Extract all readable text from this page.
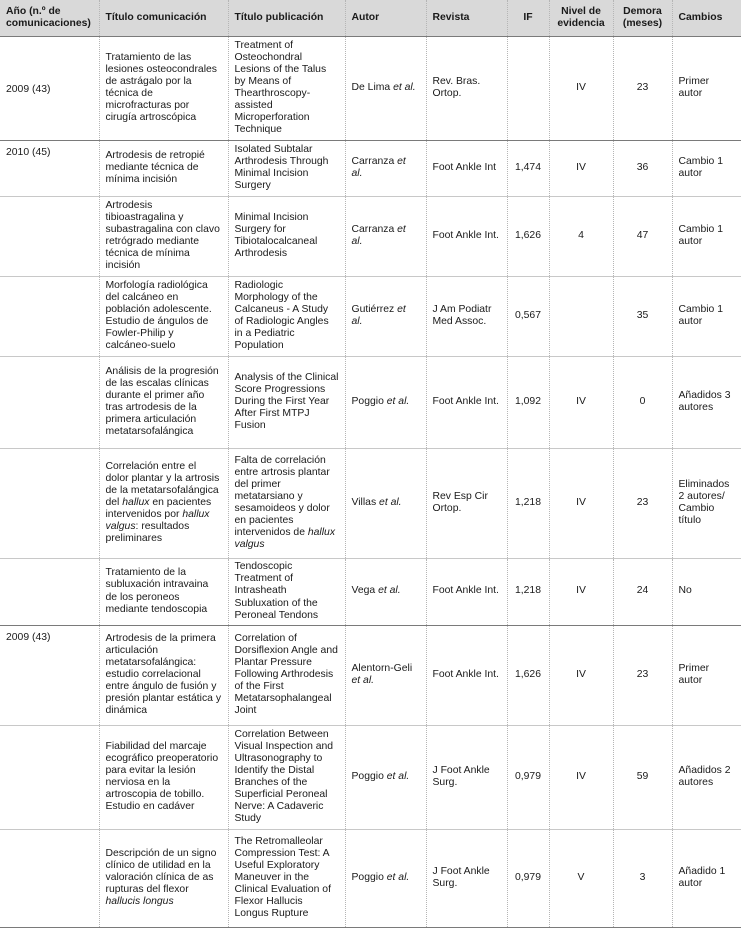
Año (n.º de comunicaciones)	Título comunicación	Título publicación	Autor	Revista	IF	Nivel de evidencia	Demora (meses)	Cambios
2009 (43)	Tratamiento de las lesiones osteocondrales de astrágalo por la técnica de microfracturas por cirugía artroscópica	Treatment of Osteochondral Lesions of the Talus by Means of Thearthroscopy-assisted Microperforation Technique	De Lima et al.	Rev. Bras. Ortop.		IV	23	Primer autor
2010 (45)	Artrodesis de retropié mediante técnica de mínima incisión	Isolated Subtalar Arthrodesis Through Minimal Incision Surgery	Carranza et al.	Foot Ankle Int	1,474	IV	36	Cambio 1 autor
	Artrodesis tibioastragalina y subastragalina con clavo retrógrado mediante técnica de mínima incisión	Minimal Incision Surgery for Tibiotalocalcaneal Arthrodesis	Carranza et al.	Foot Ankle Int.	1,626	4	47	Cambio 1 autor
	Morfología radiológica del calcáneo en población adolescente. Estudio de ángulos de Fowler-Philip y calcáneo-suelo	Radiologic Morphology of the Calcaneus - A Study of Radiologic Angles in a Pediatric Population	Gutiérrez et al.	J Am Podiatr Med Assoc.	0,567		35	Cambio 1 autor
	Análisis de la progresión de las escalas clínicas durante el primer año tras artrodesis de la primera articulación metatarsofalángica	Analysis of the Clinical Score Progressions During the First Year After First MTPJ Fusion	Poggio et al.	Foot Ankle Int.	1,092	IV	0	Añadidos 3 autores
	Correlación entre el dolor plantar y la artrosis de la metatarsofalángica del hallux en pacientes intervenidos por hallux valgus: resultados preliminares	Falta de correlación entre artrosis plantar del primer metatarsiano y sesamoideos y dolor en pacientes intervenidos de hallux valgus	Villas et al.	Rev Esp Cir Ortop.	1,218	IV	23	Eliminados 2 autores/ Cambio título
	Tratamiento de la subluxación intravaina de los peroneos mediante tendoscopia	Tendoscopic Treatment of Intrasheath Subluxation of the Peroneal Tendons	Vega et al.	Foot Ankle Int.	1,218	IV	24	No
2009 (43)	Artrodesis de la primera articulación metatarsofalángica: estudio correlacional entre ángulo de fusión y presión plantar estática y dinámica	Correlation of Dorsiflexion Angle and Plantar Pressure Following Arthrodesis of the First Metatarsophalangeal Joint	Alentorn-Geli et al.	Foot Ankle Int.	1,626	IV	23	Primer autor
	Fiabilidad del marcaje ecográfico preoperatorio para evitar la lesión nerviosa en la artroscopia de tobillo. Estudio en cadáver	Correlation Between Visual Inspection and Ultrasonography to Identify the Distal Branches of the Superficial Peroneal Nerve: A Cadaveric Study	Poggio et al.	J Foot Ankle Surg.	0,979	IV	59	Añadidos 2 autores
	Descripción de un signo clínico de utilidad en la valoración clínica de as rupturas del flexor hallucis longus	The Retromalleolar Compression Test: A Useful Exploratory Maneuver in the Clinical Evaluation of Flexor Hallucis Longus Rupture	Poggio et al.	J Foot Ankle Surg.	0,979	V	3	Añadido 1 autor
